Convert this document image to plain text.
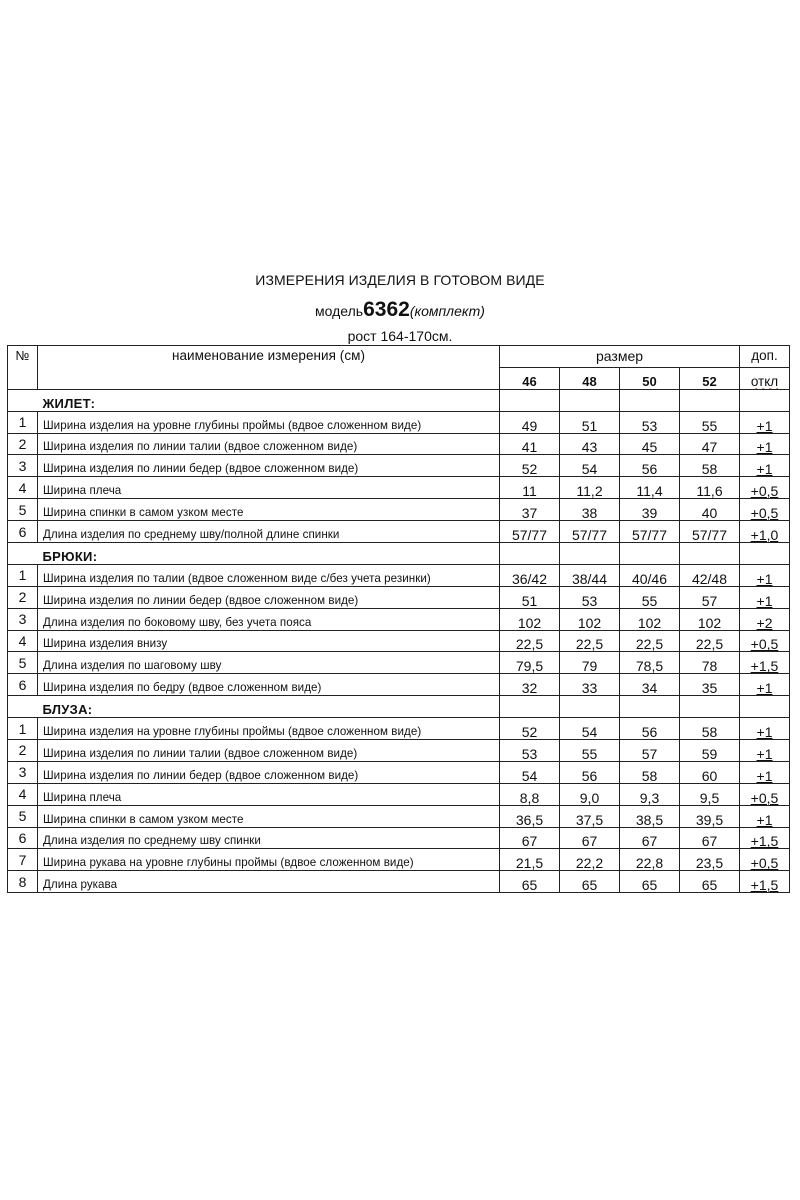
ИЗМЕРЕНИЯ ИЗДЕЛИЯ В ГОТОВОМ ВИДЕ
модель6362(комплект)
рост 164-170см.
№	наименование измерения (см)	размер				доп.
		46	48	50	52	откл
	ЖИЛЕТ:					
1	Ширина изделия на уровне глубины проймы (вдвое сложенном виде)	49	51	53	55	+1
2	Ширина изделия по линии талии (вдвое сложенном виде)	41	43	45	47	+1
3	Ширина изделия по линии бедер (вдвое сложенном виде)	52	54	56	58	+1
4	Ширина плеча	11	11,2	11,4	11,6	+0,5
5	Ширина спинки в самом узком месте	37	38	39	40	+0,5
6	Длина изделия по среднему шву/полной длине спинки	57/77	57/77	57/77	57/77	+1,0
	БРЮКИ:					
1	Ширина изделия по талии (вдвое сложенном виде с/без учета резинки)	36/42	38/44	40/46	42/48	+1
2	Ширина изделия по линии бедер (вдвое сложенном виде)	51	53	55	57	+1
3	Длина изделия по боковому шву, без учета пояса	102	102	102	102	+2
4	Ширина изделия внизу	22,5	22,5	22,5	22,5	+0,5
5	Длина изделия по шаговому шву	79,5	79	78,5	78	+1,5
6	Ширина изделия по бедру (вдвое сложенном виде)	32	33	34	35	+1
	БЛУЗА:					
1	Ширина изделия на уровне глубины проймы (вдвое сложенном виде)	52	54	56	58	+1
2	Ширина изделия по линии талии (вдвое сложенном виде)	53	55	57	59	+1
3	Ширина изделия по линии бедер (вдвое сложенном виде)	54	56	58	60	+1
4	Ширина плеча	8,8	9,0	9,3	9,5	+0,5
5	Ширина спинки в самом узком месте	36,5	37,5	38,5	39,5	+1
6	Длина изделия по среднему шву спинки	67	67	67	67	+1,5
7	Ширина рукава на уровне глубины проймы (вдвое сложенном виде)	21,5	22,2	22,8	23,5	+0,5
8	Длина рукава	65	65	65	65	+1,5
